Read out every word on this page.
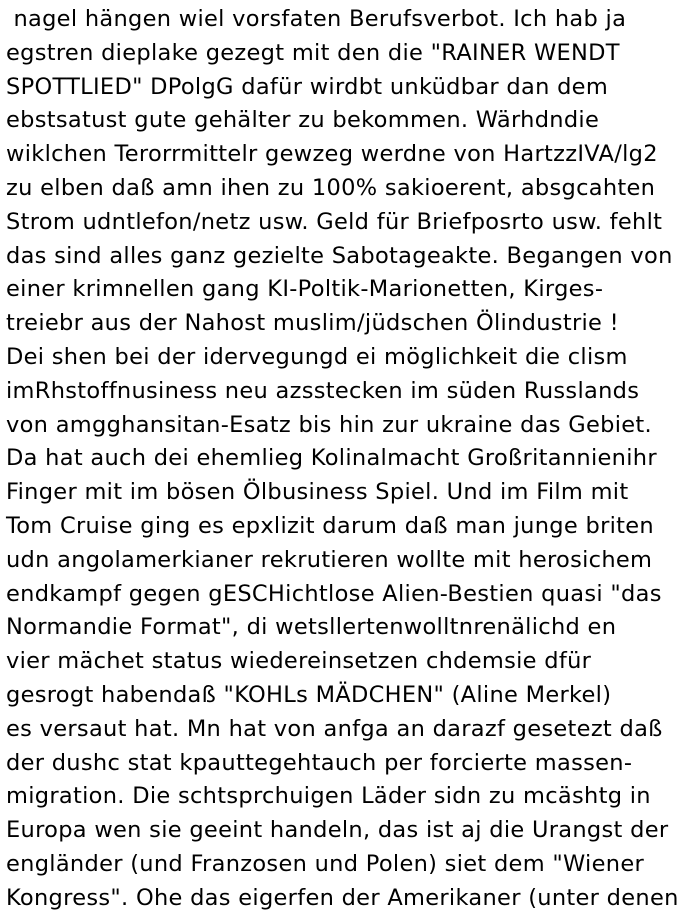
nagel hängen wiel vorsfaten Berufsverbot. Ich hab ja
egstren dieplake gezegt mit den die "RAINER WENDT
SPOTTLIED" DPolgG dafür wirdbt unküdbar dan dem
ebstsatust gute gehälter zu bekommen. Wärhdndie
wiklchen Terorrmittelr gewzeg werdne von HartzzIVA/lg2
zu elben daß amn ihen zu 100% sakioerent, absgcahten
Strom udntlefon/netz usw. Geld für Briefposrto usw. fehlt
das sind alles ganz gezielte Sabotageakte. Begangen von
einer krimnellen gang KI-Poltik-Marionetten, Kirges-
treiebr aus der Nahost muslim/jüdschen Ölindustrie !
Dei shen bei der idervegungd ei möglichkeit die clism
imRhstoffnusiness neu azsstecken im süden Russlands
von amgghansitan-Esatz bis hin zur ukraine das Gebiet.
Da hat auch dei ehemlieg Kolinalmacht Großritannienihr
Finger mit im bösen Ölbusiness Spiel. Und im Film mit
Tom Cruise ging es epxlizit darum daß man junge briten
udn angolamerkianer rekrutieren wollte mit herosichem
endkampf gegen gESCHichtlose Alien-Bestien quasi "das
Normandie Format", di wetsllertenwolltnrenälichd en
vier mächet status wiedereinsetzen chdemsie dfür
gesrogt habendaß "KOHLs MÄDCHEN" (Aline Merkel)
es versaut hat. Mn hat von anfga an darazf gesetezt daß
der dushc stat kpauttegehtauch per forcierte massen-
migration. Die schtsprchuigen Läder sidn zu mcäshtg in
Europa wen sie geeint handeln, das ist aj die Urangst der
engländer (und Franzosen und Polen) siet dem "Wiener
Kongress". Ohe das eigerfen der Amerikaner (unter denen
